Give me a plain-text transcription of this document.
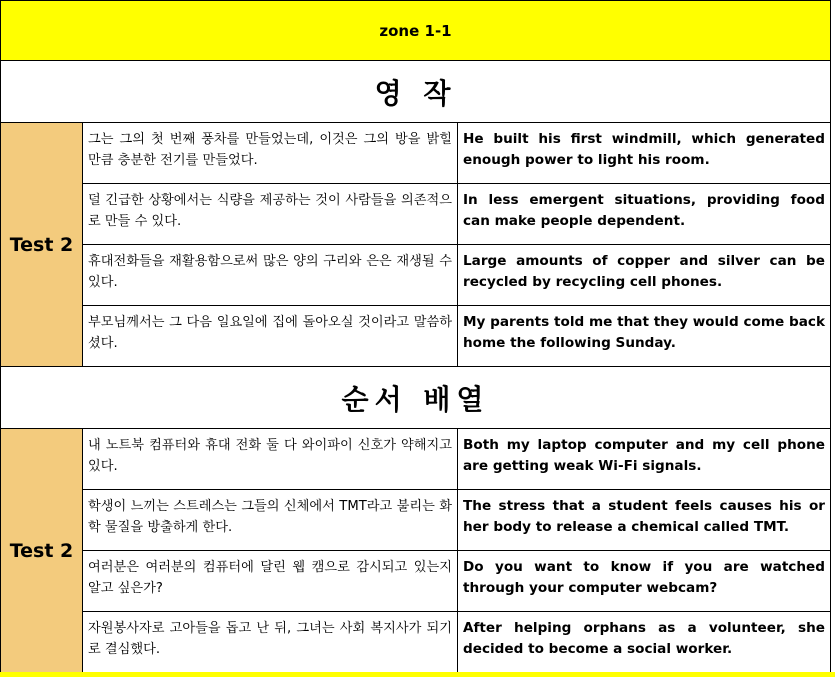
zone 1-1
영 작
Test 2
그는 그의 첫 번째 풍차를 만들었는데, 이것은 그의 방을 밝힐 만큼 충분한 전기를 만들었다.
He built his first windmill, which generated enough power to light his room.
덜 긴급한 상황에서는 식량을 제공하는 것이 사람들을 의존적으로 만들 수 있다.
In less emergent situations, providing food can make people dependent.
휴대전화들을 재활용함으로써 많은 양의 구리와 은은 재생될 수 있다.
Large amounts of copper and silver can be recycled by recycling cell phones.
부모님께서는 그 다음 일요일에 집에 돌아오실 것이라고 말씀하셨다.
My parents told me that they would come back home the following Sunday.
순서 배열
Test 2
내 노트북 컴퓨터와 휴대 전화 둘 다 와이파이 신호가 약해지고 있다.
Both my laptop computer and my cell phone are getting weak Wi-Fi signals.
학생이 느끼는 스트레스는 그들의 신체에서 TMT라고 불리는 화학 물질을 방출하게 한다.
The stress that a student feels causes his or her body to release a chemical called TMT.
여러분은 여러분의 컴퓨터에 달린 웹 캠으로 감시되고 있는지 알고 싶은가?
Do you want to know if you are watched through your computer webcam?
자원봉사자로 고아들을 돕고 난 뒤, 그녀는 사회 복지사가 되기로 결심했다.
After helping orphans as a volunteer, she decided to become a social worker.
